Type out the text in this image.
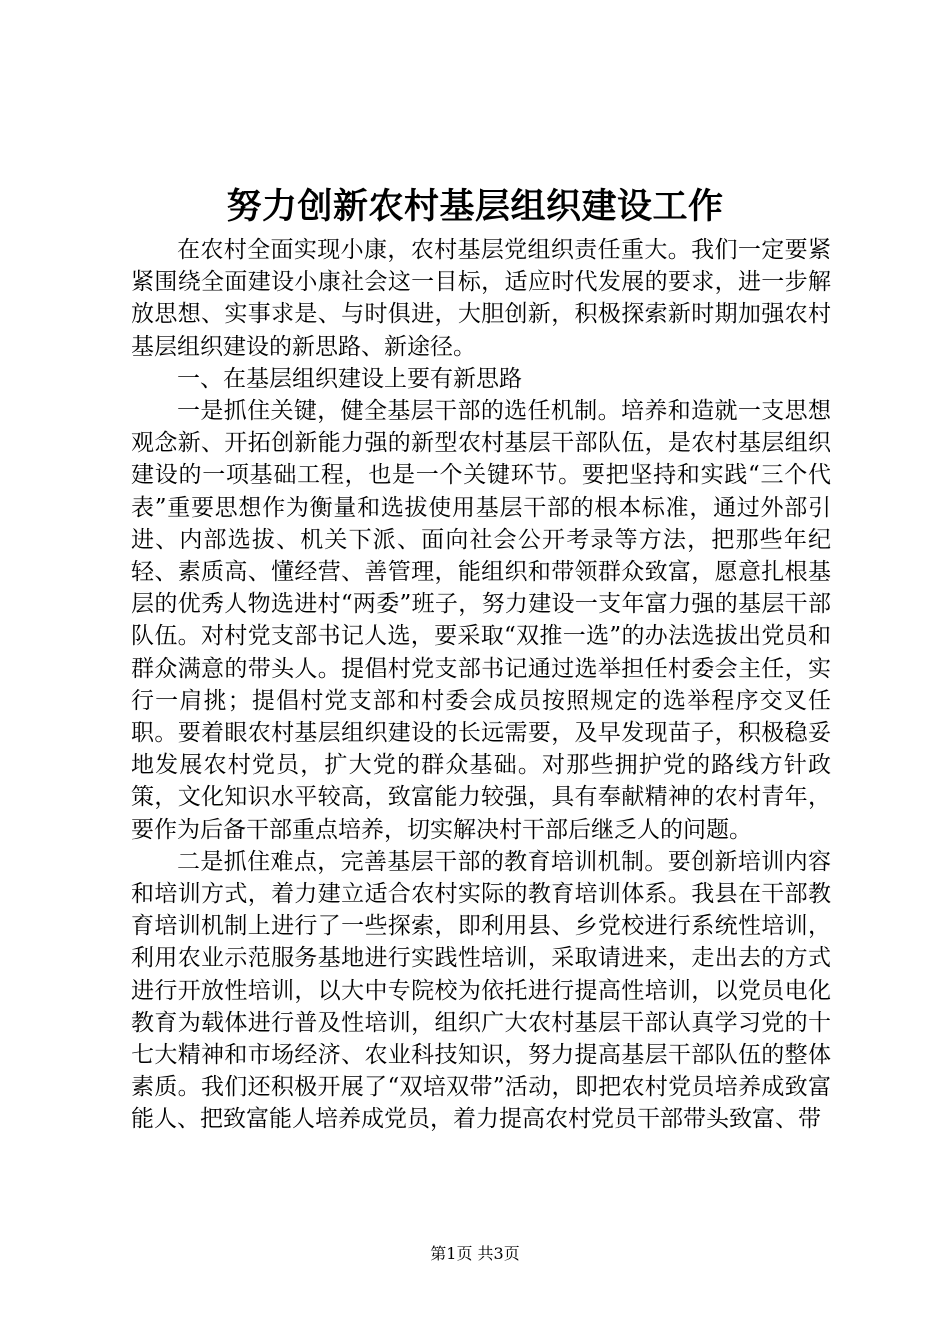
努力创新农村基层组织建设工作

在农村全面实现小康，农村基层党组织责任重大。我们一定要紧紧围绕全面建设小康社会这一目标，适应时代发展的要求，进一步解放思想、实事求是、与时俱进，大胆创新，积极探索新时期加强农村基层组织建设的新思路、新途径。

一、在基层组织建设上要有新思路

一是抓住关键，健全基层干部的选任机制。培养和造就一支思想观念新、开拓创新能力强的新型农村基层干部队伍，是农村基层组织建设的一项基础工程，也是一个关键环节。要把坚持和实践“三个代表”重要思想作为衡量和选拔使用基层干部的根本标准，通过外部引进、内部选拔、机关下派、面向社会公开考录等方法，把那些年纪轻、素质高、懂经营、善管理，能组织和带领群众致富，愿意扎根基层的优秀人物选进村“两委”班子，努力建设一支年富力强的基层干部队伍。对村党支部书记人选，要采取“双推一选”的办法选拔出党员和群众满意的带头人。提倡村党支部书记通过选举担任村委会主任，实行一肩挑；提倡村党支部和村委会成员按照规定的选举程序交叉任职。要着眼农村基层组织建设的长远需要，及早发现苗子，积极稳妥地发展农村党员，扩大党的群众基础。对那些拥护党的路线方针政策，文化知识水平较高，致富能力较强，具有奉献精神的农村青年，要作为后备干部重点培养，切实解决村干部后继乏人的问题。

二是抓住难点，完善基层干部的教育培训机制。要创新培训内容和培训方式，着力建立适合农村实际的教育培训体系。我县在干部教育培训机制上进行了一些探索，即利用县、乡党校进行系统性培训，利用农业示范服务基地进行实践性培训，采取请进来，走出去的方式进行开放性培训，以大中专院校为依托进行提高性培训，以党员电化教育为载体进行普及性培训，组织广大农村基层干部认真学习党的十七大精神和市场经济、农业科技知识，努力提高基层干部队伍的整体素质。我们还积极开展了“双培双带”活动，即把农村党员培养成致富能人、把致富能人培养成党员，着力提高农村党员干部带头致富、带

第1页 共3页
